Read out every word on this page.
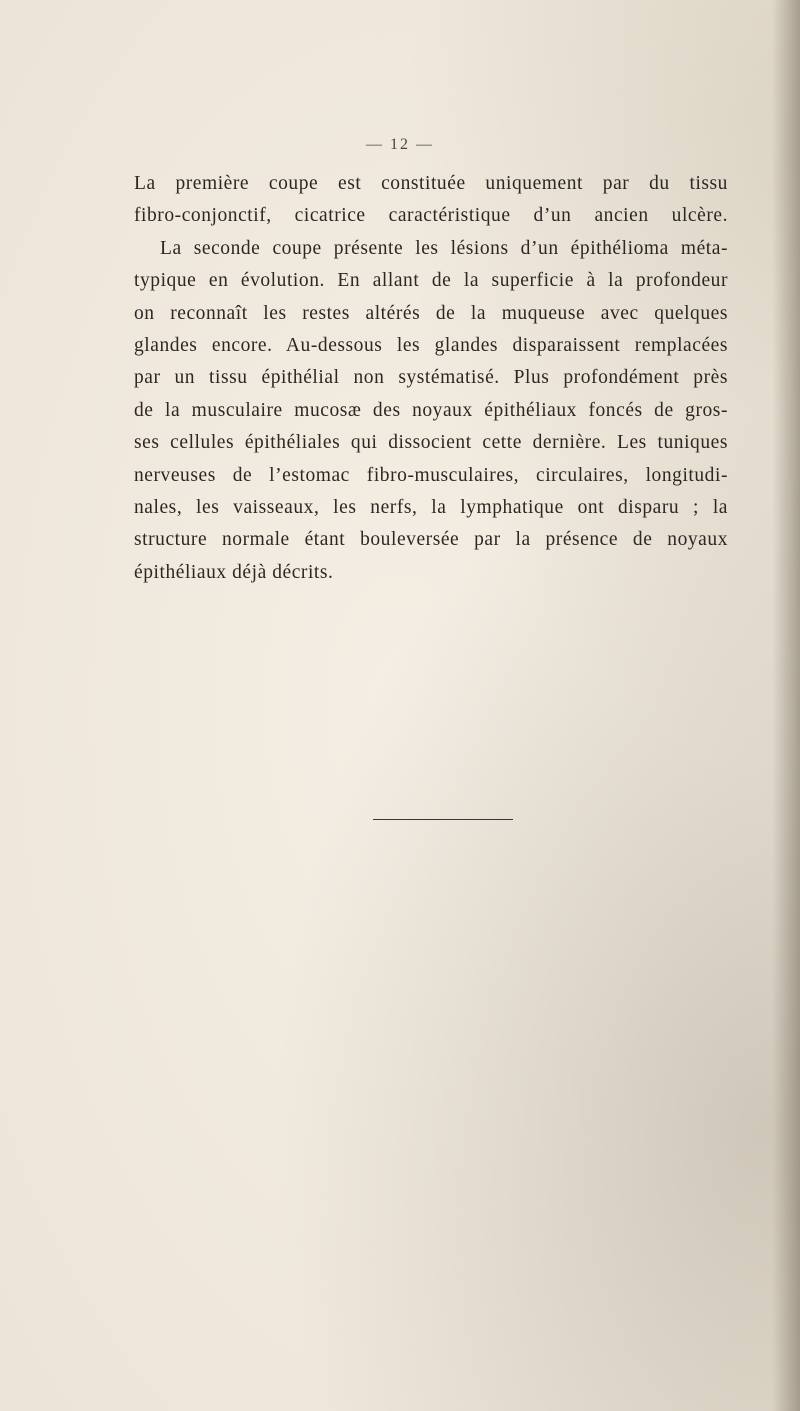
— 12 —
La première coupe est constituée uniquement par du tissu
fibro-conjonctif, cicatrice caractéristique d’un ancien ulcère.
La seconde coupe présente les lésions d’un épithélioma méta-
typique en évolution. En allant de la superficie à la profondeur
on reconnaît les restes altérés de la muqueuse avec quelques
glandes encore. Au-dessous les glandes disparaissent remplacées
par un tissu épithélial non systématisé. Plus profondément près
de la musculaire mucosæ des noyaux épithéliaux foncés de gros-
ses cellules épithéliales qui dissocient cette dernière. Les tuniques
nerveuses de l’estomac fibro-musculaires, circulaires, longitudi-
nales, les vaisseaux, les nerfs, la lymphatique ont disparu ; la
structure normale étant bouleversée par la présence de noyaux
épithéliaux déjà décrits.
